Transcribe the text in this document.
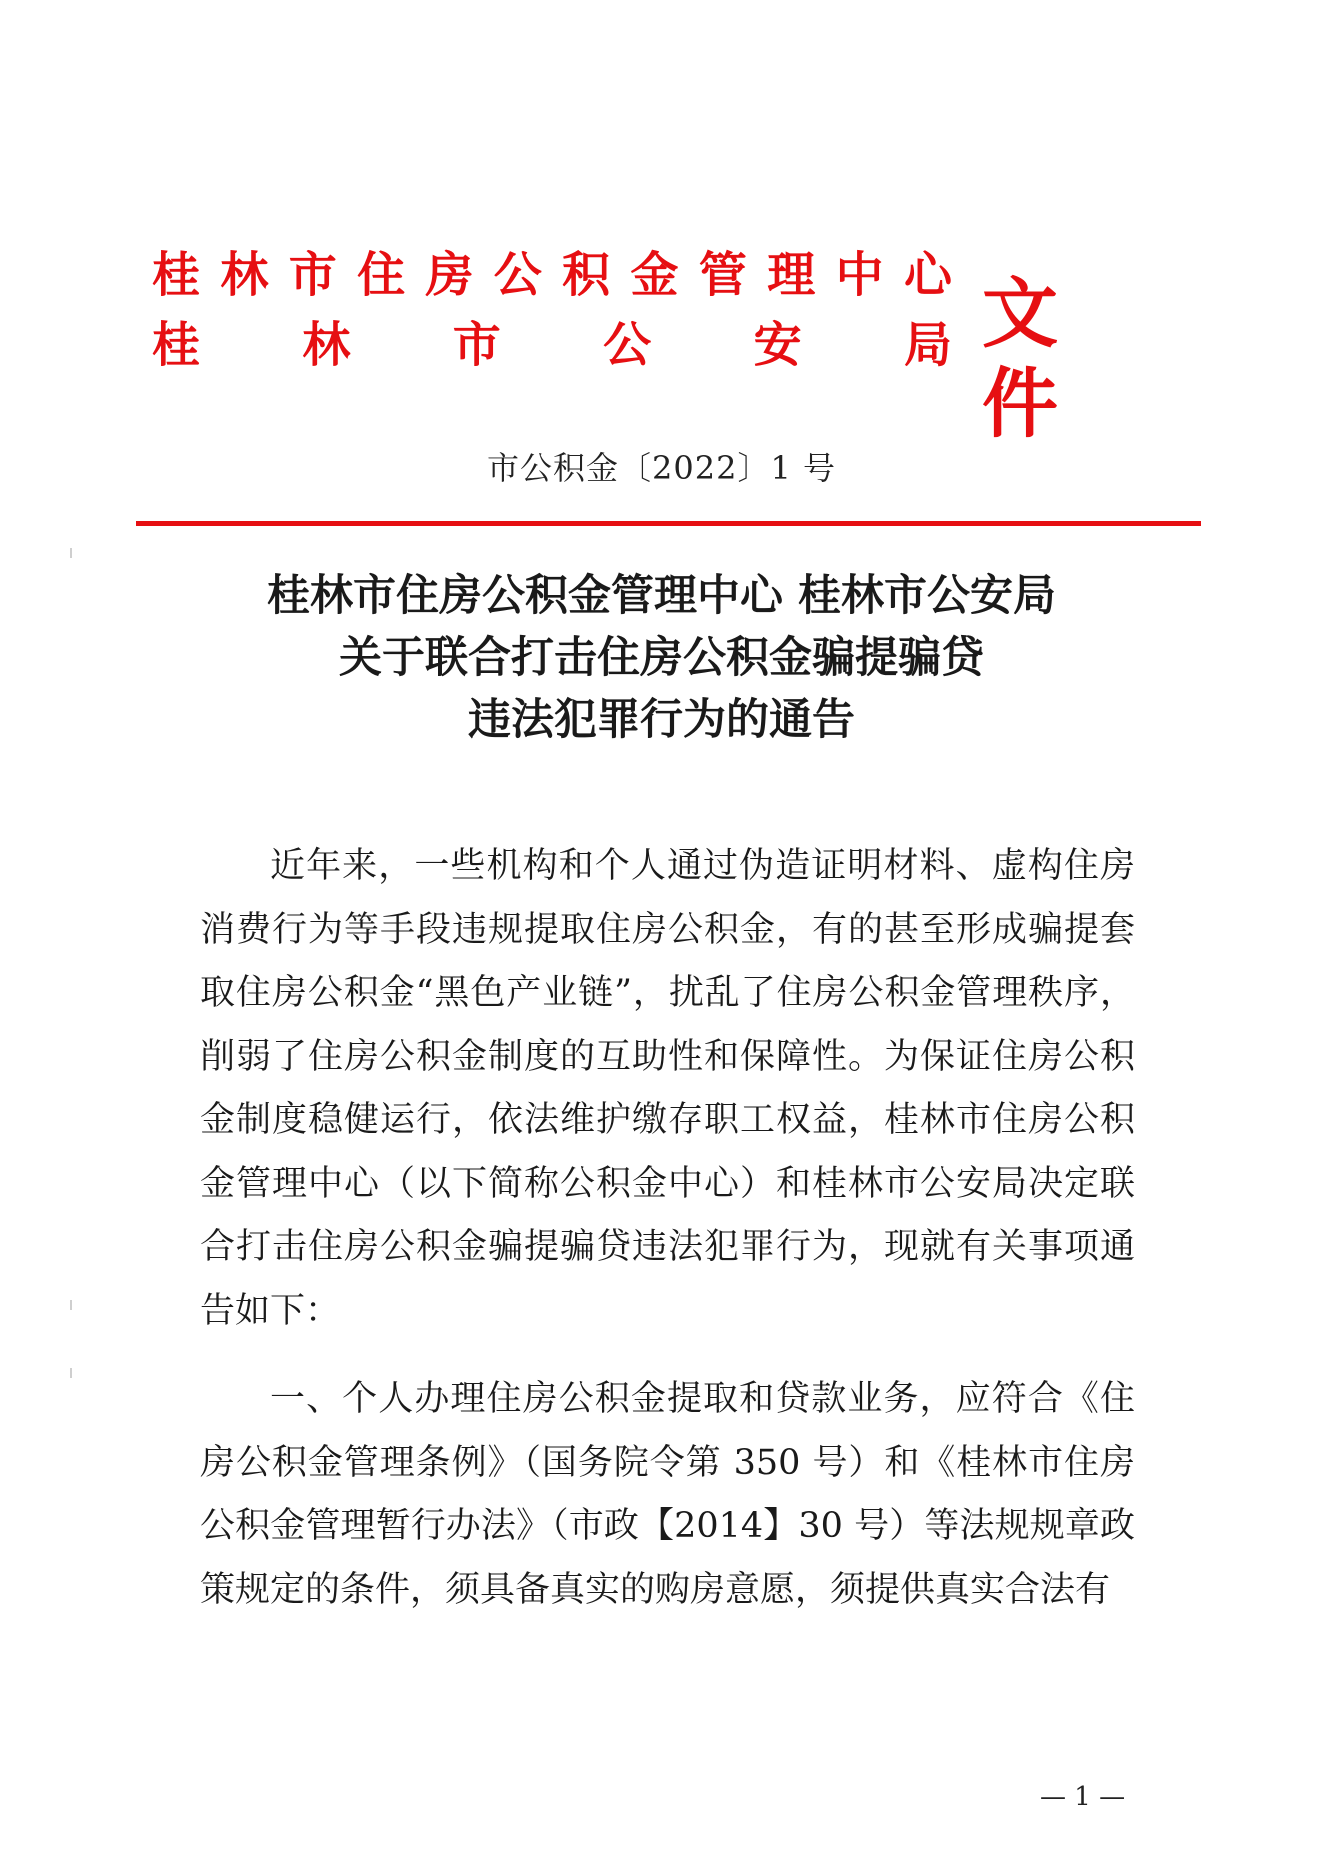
桂 林 市 住 房 公 积 金 管 理 中 心
桂 林 市 公 安 局 文件
市公积金〔2022〕1 号
桂林市住房公积金管理中心 桂林市公安局
关于联合打击住房公积金骗提骗贷
违法犯罪行为的通告

近年来，一些机构和个人通过伪造证明材料、虚构住房消费行为等手段违规提取住房公积金，有的甚至形成骗提套取住房公积金“黑色产业链”，扰乱了住房公积金管理秩序，削弱了住房公积金制度的互助性和保障性。为保证住房公积金制度稳健运行，依法维护缴存职工权益，桂林市住房公积金管理中心（以下简称公积金中心）和桂林市公安局决定联合打击住房公积金骗提骗贷违法犯罪行为，现就有关事项通告如下：

一、个人办理住房公积金提取和贷款业务，应符合《住房公积金管理条例》（国务院令第 350 号）和《桂林市住房公积金管理暂行办法》（市政【2014】30 号）等法规规章政策规定的条件，须具备真实的购房意愿，须提供真实合法有

— 1 —
